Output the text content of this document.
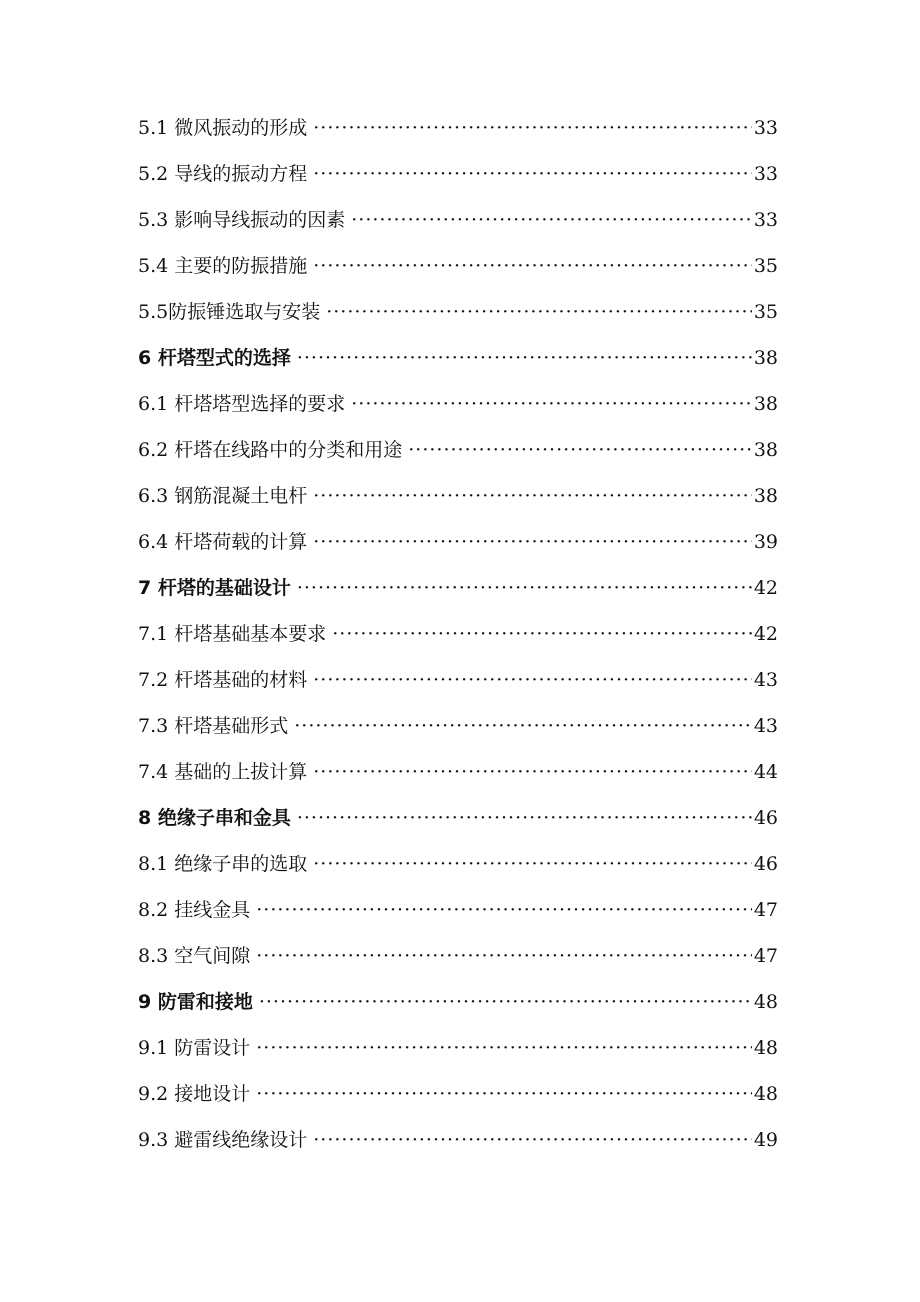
5.1 微风振动的形成 ·····	33
5.2 导线的振动方程 ·····	33
5.3 影响导线振动的因素 ·····	33
5.4 主要的防振措施 ·····	35
5.5防振锤选取与安装 ·····	35
6 杆塔型式的选择 ·····	38
6.1 杆塔塔型选择的要求 ·····	38
6.2 杆塔在线路中的分类和用途 ·····	38
6.3 钢筋混凝土电杆 ·····	38
6.4 杆塔荷载的计算 ·····	39
7 杆塔的基础设计 ·····	42
7.1 杆塔基础基本要求 ·····	42
7.2 杆塔基础的材料 ·····	43
7.3 杆塔基础形式 ·····	43
7.4 基础的上拔计算 ·····	44
8 绝缘子串和金具 ·····	46
8.1 绝缘子串的选取 ·····	46
8.2 挂线金具 ·····	47
8.3 空气间隙 ·····	47
9 防雷和接地 ·····	48
9.1 防雷设计 ·····	48
9.2 接地设计 ·····	48
9.3 避雷线绝缘设计 ·····	49
